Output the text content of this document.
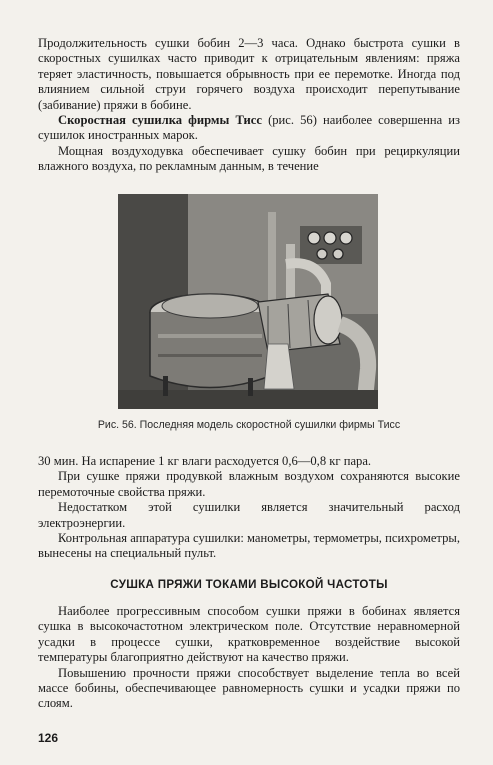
Продолжительность сушки бобин 2—3 часа. Однако быстрота сушки в скоростных сушилках часто приводит к отрицательным явлениям: пряжа теряет эластичность, повышается обрывность при ее перемотке. Иногда под влиянием сильной струи горячего воздуха происходит перепутывание (забивание) пряжи в бобине.

Скоростная сушилка фирмы Тисс (рис. 56) наиболее совершенна из сушилок иностранных марок.

Мощная воздуходувка обеспечивает сушку бобин при рециркуляции влажного воздуха, по рекламным данным, в течение

Рис. 56. Последняя модель скоростной сушилки фирмы Тисс

30 мин. На испарение 1 кг влаги расходуется 0,6—0,8 кг пара.

При сушке пряжи продувкой влажным воздухом сохраняются высокие перемоточные свойства пряжи.

Недостатком этой сушилки является значительный расход электроэнергии.

Контрольная аппаратура сушилки: манометры, термометры, психрометры, вынесены на специальный пульт.

СУШКА ПРЯЖИ ТОКАМИ ВЫСОКОЙ ЧАСТОТЫ

Наиболее прогрессивным способом сушки пряжи в бобинах является сушка в высокочастотном электрическом поле. Отсутствие неравномерной усадки в процессе сушки, кратковременное воздействие высокой температуры благоприятно действуют на качество пряжи.

Повышению прочности пряжи способствует выделение тепла во всей массе бобины, обеспечивающее равномерность сушки и усадки пряжи по слоям.

126
